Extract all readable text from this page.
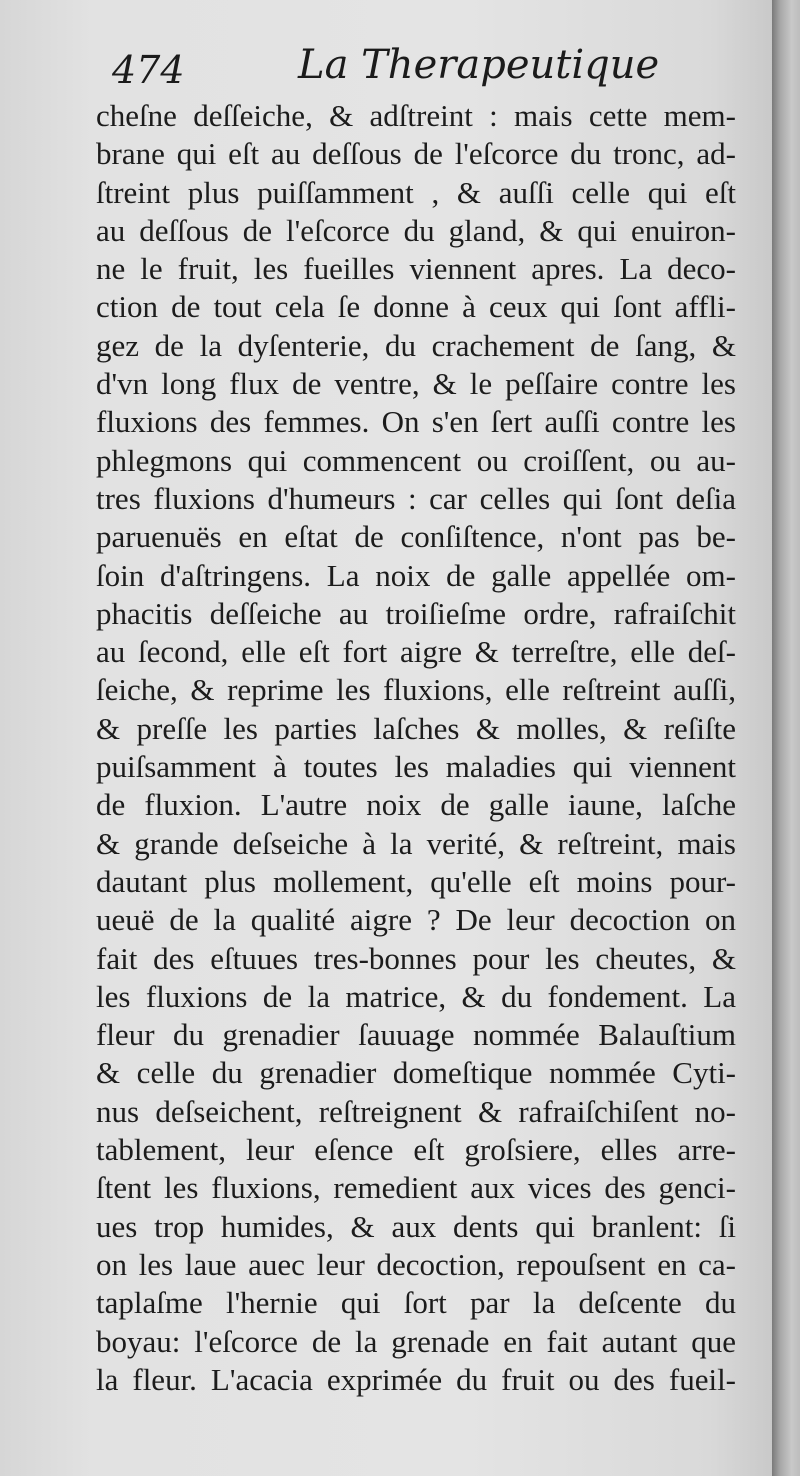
474	La Therapeutique
cheſne deſſeiche, & adſtreint : mais cette mem-
brane qui eſt au deſſous de l'eſcorce du tronc, ad-
ſtreint plus puiſſamment , & auſſi celle qui eſt
au deſſous de l'eſcorce du gland, & qui enuiron-
ne le fruit, les fueilles viennent apres. La deco-
ction de tout cela ſe donne à ceux qui ſont affli-
gez de la dyſenterie, du crachement de ſang, &
d'vn long flux de ventre, & le peſſaire contre les
fluxions des femmes. On s'en ſert auſſi contre les
phlegmons qui commencent ou croiſſent, ou au-
tres fluxions d'humeurs : car celles qui ſont deſia
paruenuës en eſtat de conſiſtence, n'ont pas be-
ſoin d'aſtringens. La noix de galle appellée om-
phacitis deſſeiche au troiſieſme ordre, rafraiſchit
au ſecond, elle eſt fort aigre & terreſtre, elle deſ-
ſeiche, & reprime les fluxions, elle reſtreint auſſi,
& preſſe les parties laſches & molles, & reſiſte
puiſsamment à toutes les maladies qui viennent
de fluxion. L'autre noix de galle iaune, laſche
& grande deſseiche à la verité, & reſtreint, mais
dautant plus mollement, qu'elle eſt moins pour-
ueuë de la qualité aigre ? De leur decoction on
fait des eſtuues tres-bonnes pour les cheutes, &
les fluxions de la matrice, & du fondement. La
fleur du grenadier ſauuage nommée Balauſtium
& celle du grenadier domeſtique nommée Cyti-
nus deſseichent, reſtreignent & rafraiſchiſent no-
tablement, leur eſence eſt groſsiere, elles arre-
ſtent les fluxions, remedient aux vices des genci-
ues trop humides, & aux dents qui branlent: ſi
on les laue auec leur decoction, repouſsent en ca-
taplaſme l'hernie qui ſort par la deſcente du
boyau: l'eſcorce de la grenade en fait autant que
la fleur. L'acacia exprimée du fruit ou des fueil-
